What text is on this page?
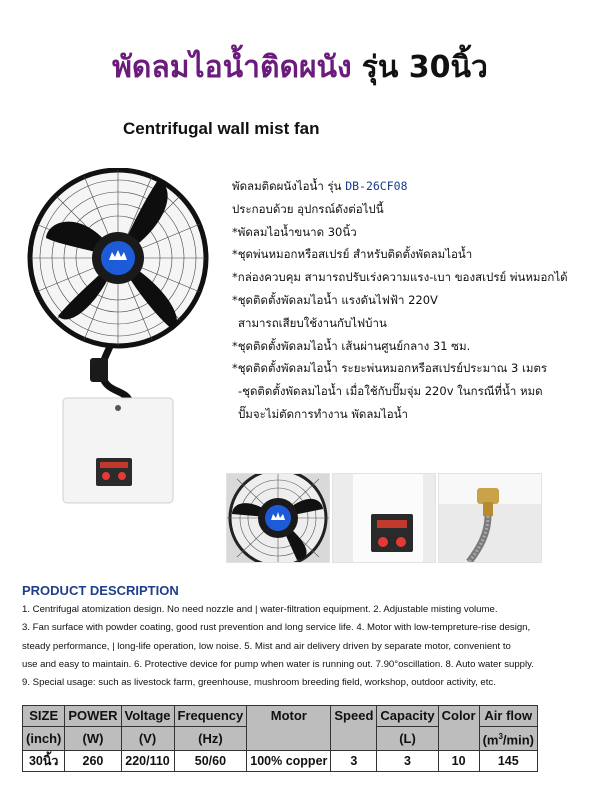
พัดลมไอน้ำติดผนัง รุ่น 30นิ้ว
Centrifugal wall mist fan
พัดลมติดผนังไอน้ำ รุ่น DB-26CF08
ประกอบด้วย อุปกรณ์ดังต่อไปนี้
*พัดลมไอน้ำขนาด 30นิ้ว
*ชุดพ่นหมอกหรือสเปรย์ สำหรับติดตั้งพัดลมไอน้ำ
*กล่องควบคุม สามารถปรับเร่งความแรง-เบา ของสเปรย์ พ่นหมอกได้
*ชุดติดตั้งพัดลมไอน้ำ แรงดันไฟฟ้า 220V
สามารถเสียบใช้งานกับไฟบ้าน
*ชุดติดตั้งพัดลมไอน้ำ เส้นผ่านศูนย์กลาง 31 ซม.
*ชุดติดตั้งพัดลมไอน้ำ ระยะพ่นหมอกหรือสเปรย์ประมาณ 3 เมตร
-ชุดติดตั้งพัดลมไอน้ำ เมื่อใช้กับปั๊มจุ่ม 220v ในกรณีที่น้ำ หมด
ปั๊มจะไม่ตัดการทำงาน พัดลมไอน้ำ
PRODUCT DESCRIPTION
1. Centrifugal atomization design. No need nozzle and | water-filtration equipment. 2. Adjustable misting volume.
3. Fan surface with powder coating, good rust prevention and long service life. 4. Motor with low-tempreture-rise design,
steady performance, | long-life operation, low noise. 5. Mist and air delivery driven by separate motor, convenient to
use and easy to maintain. 6. Protective device for pump when water is running out. 7.90°oscillation. 8. Auto water supply.
9. Special usage: such as livestock farm, greenhouse, mushroom breeding field, workshop, outdoor activity, etc.
SIZE	POWER	Voltage	Frequency	Motor	Speed	Capacity	Color	Air flow
(inch)	(W)	(V)	(Hz)			(L)		$(m^3/\min)$
30นิ้ว	260	220/110	50/60	100% copper	3	3	10	145
